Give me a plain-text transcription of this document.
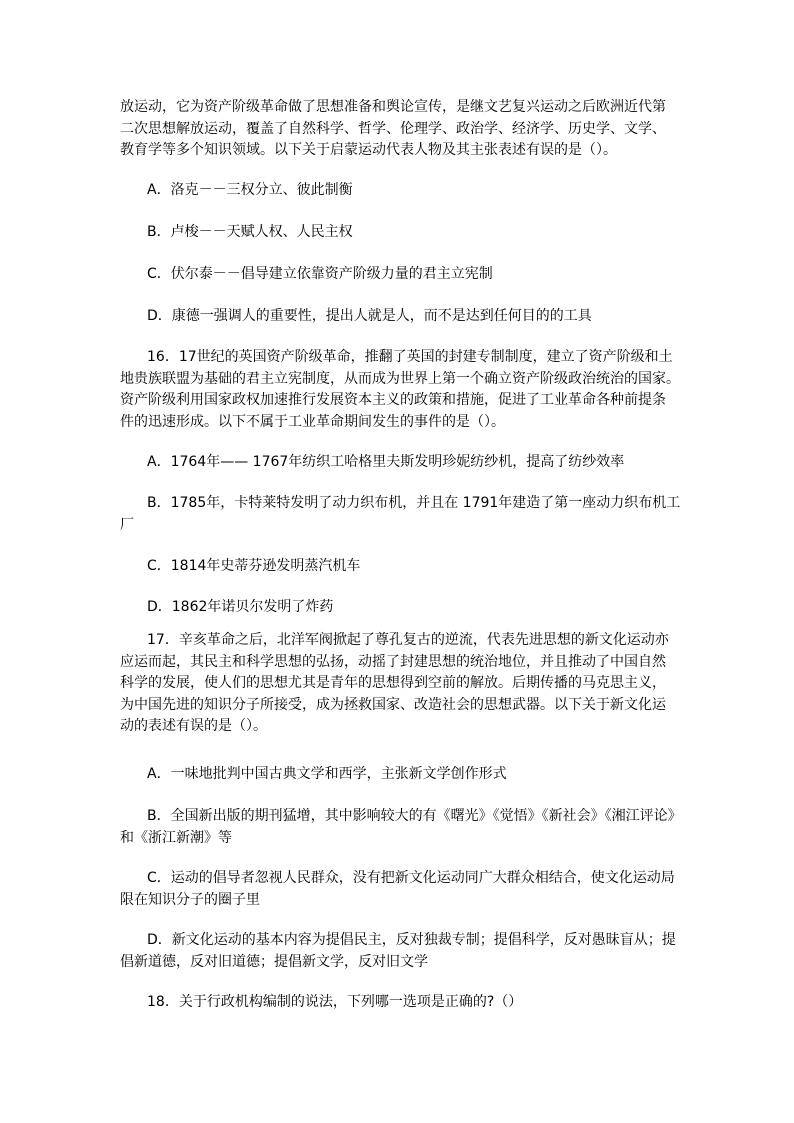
放运动，它为资产阶级革命做了思想准备和舆论宣传，是继文艺复兴运动之后欧洲近代第
二次思想解放运动，覆盖了自然科学、哲学、伦理学、政治学、经济学、历史学、文学、
教育学等多个知识领域。以下关于启蒙运动代表人物及其主张表述有误的是（）。
A．洛克－－三权分立、彼此制衡
B．卢梭－－天赋人权、人民主权
C．伏尔泰－－倡导建立依靠资产阶级力量的君主立宪制
D．康德一强调人的重要性，提出人就是人，而不是达到任何目的的工具
16．17世纪的英国资产阶级革命，推翻了英国的封建专制制度，建立了资产阶级和土
地贵族联盟为基础的君主立宪制度，从而成为世界上第一个确立资产阶级政治统治的国家。
资产阶级利用国家政权加速推行发展资本主义的政策和措施，促进了工业革命各种前提条
件的迅速形成。以下不属于工业革命期间发生的事件的是（）。
A．1764年—— 1767年纺织工哈格里夫斯发明珍妮纺纱机，提高了纺纱效率
B．1785年，卡特莱特发明了动力织布机，并且在 1791年建造了第一座动力织布机工
厂
C．1814年史蒂芬逊发明蒸汽机车
D．1862年诺贝尔发明了炸药
17．辛亥革命之后，北洋军阀掀起了尊孔复古的逆流，代表先进思想的新文化运动亦
应运而起，其民主和科学思想的弘扬，动摇了封建思想的统治地位，并且推动了中国自然
科学的发展，使人们的思想尤其是青年的思想得到空前的解放。后期传播的马克思主义，
为中国先进的知识分子所接受，成为拯救国家、改造社会的思想武器。以下关于新文化运
动的表述有误的是（）。
A．一味地批判中国古典文学和西学，主张新文学创作形式
B．全国新出版的期刊猛增，其中影响较大的有《曙光》《觉悟》《新社会》《湘江评论》
和《浙江新潮》等
C．运动的倡导者忽视人民群众，没有把新文化运动同广大群众相结合，使文化运动局
限在知识分子的圈子里
D．新文化运动的基本内容为提倡民主，反对独裁专制；提倡科学，反对愚昧盲从；提
倡新道德，反对旧道德；提倡新文学，反对旧文学
18．关于行政机构编制的说法，下列哪一选项是正确的?（）
